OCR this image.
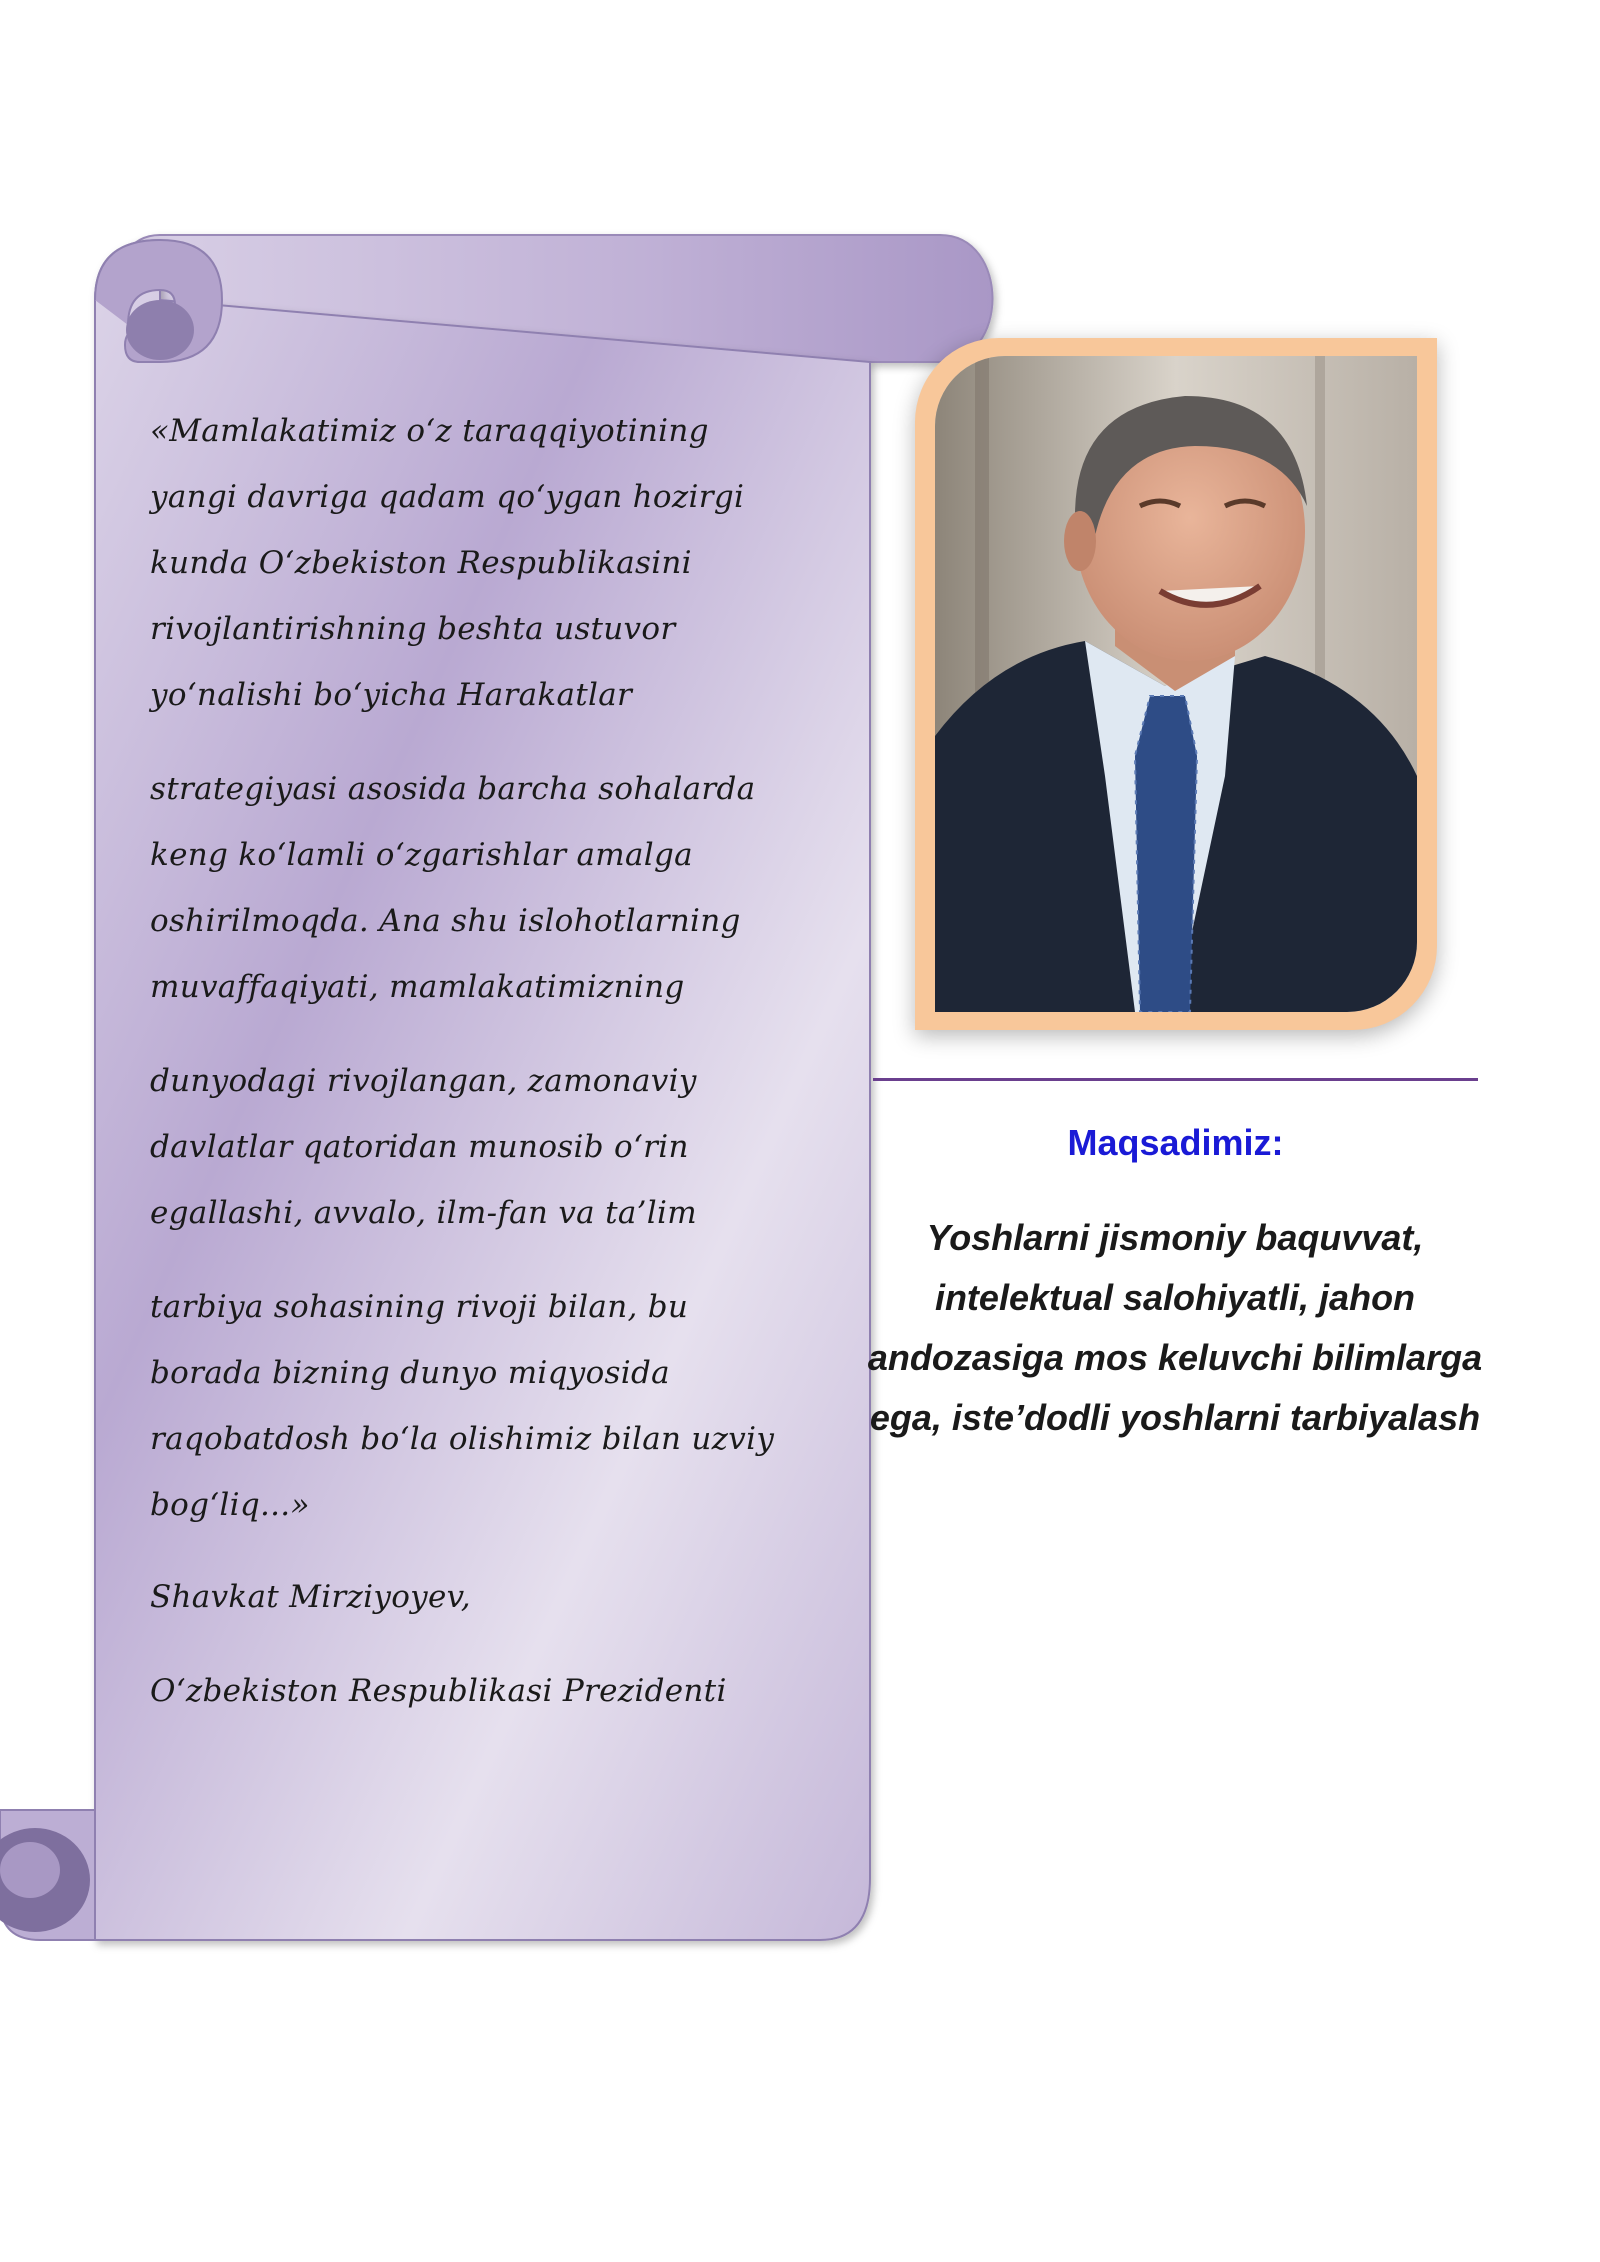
«Mamlakatimiz o‘z taraqqiyotining
yangi davriga qadam qo‘ygan hozirgi
kunda O‘zbekiston Respublikasini
rivojlantirishning beshta ustuvor
yo‘nalishi bo‘yicha Harakatlar
strategiyasi asosida barcha sohalarda
keng ko‘lamli o‘zgarishlar amalga
oshirilmoqda. Ana shu islohotlarning
muvaffaqiyati, mamlakatimizning
dunyodagi rivojlangan, zamonaviy
davlatlar qatoridan munosib o‘rin
egallashi, avvalo, ilm-fan va ta’lim
tarbiya sohasining rivoji bilan, bu
borada bizning dunyo miqyosida
raqobatdosh bo‘la olishimiz bilan uzviy
bog‘liq...»
Shavkat Mirziyoyev,
O‘zbekiston Respublikasi Prezidenti
Maqsadimiz:
Yoshlarni jismoniy baquvvat,
intelektual salohiyatli, jahon
andozasiga mos keluvchi bilimlarga
ega, iste’dodli yoshlarni tarbiyalash
